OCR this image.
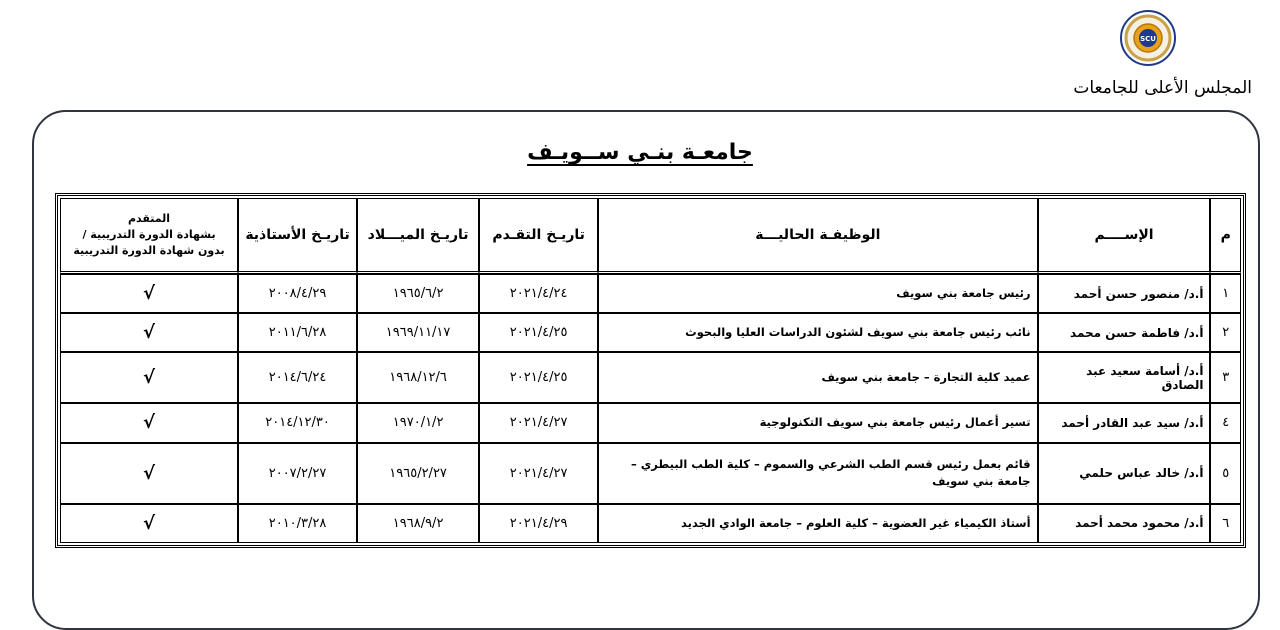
SCU
المجلس الأعلى للجامعات
جامعـة بنـي ســويـف
م	الإســــم	الوظيفـة الحاليـــة	تاريـخ التقـدم	تاريـخ الميـــلاد	تاريـخ الأستاذية	المتقدم
بشهادة الدورة التدريبية /
بدون شهادة الدورة التدريبية
١	أ.د/ منصور حسن أحمد	رئيس جامعة بني سويف	٢٠٢١/٤/٢٤	١٩٦٥/٦/٢	٢٠٠٨/٤/٢٩	√
٢	أ.د/ فاطمة حسن محمد	نائب رئيس جامعة بني سويف لشئون الدراسات العليا والبحوث	٢٠٢١/٤/٢٥	١٩٦٩/١١/١٧	٢٠١١/٦/٢٨	√
٣	أ.د/ أسامة سعيد عبد الصادق	عميد كلية التجارة – جامعة بني سويف	٢٠٢١/٤/٢٥	١٩٦٨/١٢/٦	٢٠١٤/٦/٢٤	√
٤	أ.د/ سيد عبد القادر أحمد	تسير أعمال رئيس جامعة بني سويف التكنولوجية	٢٠٢١/٤/٢٧	١٩٧٠/١/٢	٢٠١٤/١٢/٣٠	√
٥	أ.د/ خالد عباس حلمي	قائم بعمل رئيس قسم الطب الشرعي والسموم – كلية الطب البيطري – جامعة بني سويف	٢٠٢١/٤/٢٧	١٩٦٥/٢/٢٧	٢٠٠٧/٢/٢٧	√
٦	أ.د/ محمود محمد أحمد	أستاذ الكيمياء غير العضوية – كلية العلوم – جامعة الوادي الجديد	٢٠٢١/٤/٢٩	١٩٦٨/٩/٢	٢٠١٠/٣/٢٨	√
